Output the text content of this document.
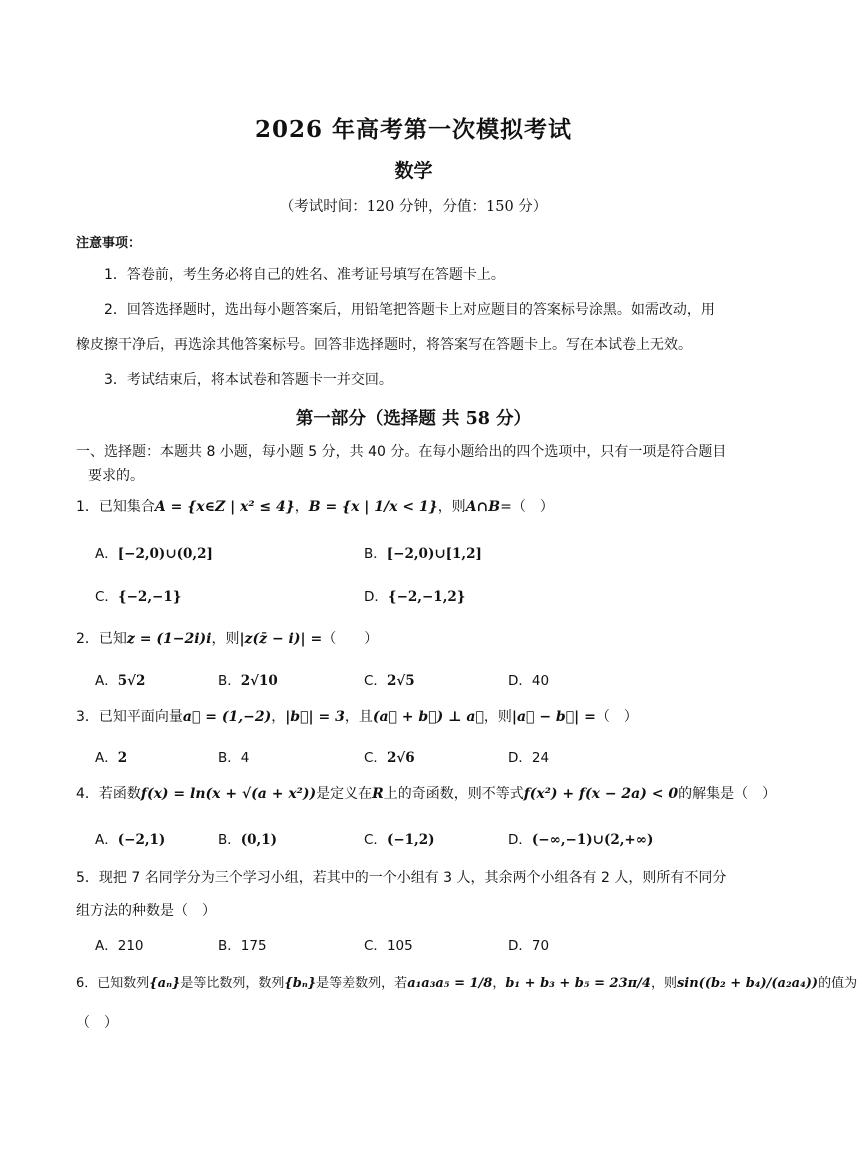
2026 年高考第一次模拟考试
数学
（考试时间：120 分钟，分值：150 分）
注意事项：
1．答卷前，考生务必将自己的姓名、准考证号填写在答题卡上。
2．回答选择题时，选出每小题答案后，用铅笔把答题卡上对应题目的答案标号涂黑。如需改动，用
橡皮擦干净后，再选涂其他答案标号。回答非选择题时，将答案写在答题卡上。写在本试卷上无效。
3．考试结束后，将本试卷和答题卡一并交回。
第一部分（选择题 共 58 分）
一、选择题：本题共 8 小题，每小题 5 分，共 40 分。在每小题给出的四个选项中，只有一项是符合题目
要求的。
1．已知集合A = {x∈Z | x² ≤ 4}，B = {x | 1/x < 1}，则A∩B=（　）
A．[−2,0)∪(0,2]	B．[−2,0)∪[1,2]
C．{−2,−1}	D．{−2,−1,2}
2．已知z = (1−2i)i，则|z(z̄ − i)| =（　　）
A．5√2	B．2√10	C．2√5	D．40
3．已知平面向量a⃗ = (1,−2)，|b⃗| = 3，且(a⃗ + b⃗) ⊥ a⃗，则|a⃗ − b⃗| =（　）
A．2	B．4	C．2√6	D．24
4．若函数f(x) = ln(x + √(a + x²))是定义在R上的奇函数，则不等式f(x²) + f(x − 2a) < 0的解集是（　）
A．(−2,1)	B．(0,1)	C．(−1,2)	D．(−∞,−1)∪(2,+∞)
5．现把 7 名同学分为三个学习小组，若其中的一个小组有 3 人，其余两个小组各有 2 人，则所有不同分
组方法的种数是（　）
A．210	B．175	C．105	D．70
6．已知数列{aₙ}是等比数列，数列{bₙ}是等差数列，若a₁a₃a₅ = 1/8，b₁ + b₃ + b₅ = 23π/4，则sin((b₂ + b₄)/(a₂a₄))的值为
（　）
